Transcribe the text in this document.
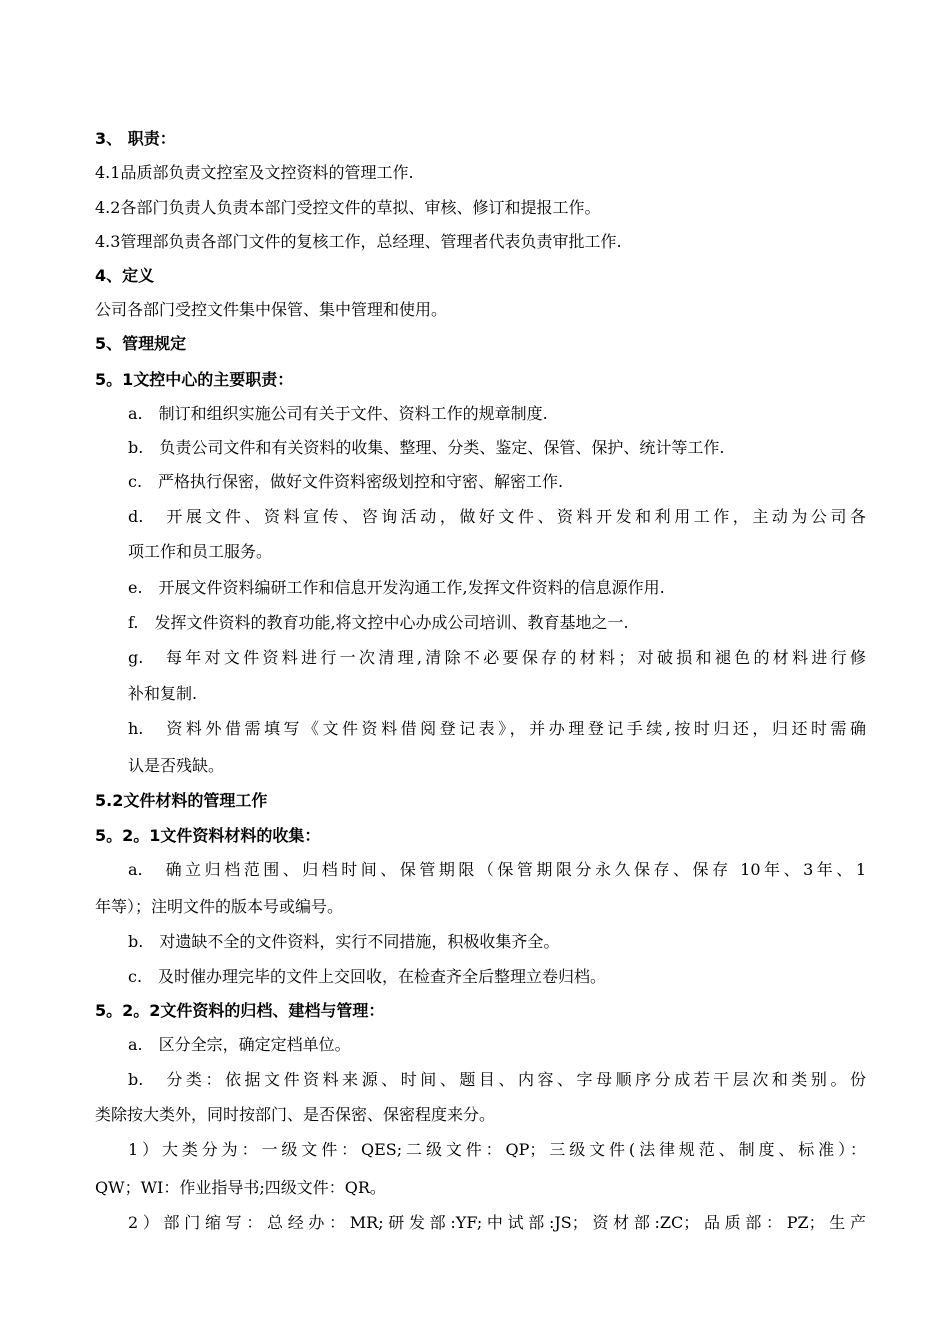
3、 职责：
4.1品质部负责文控室及文控资料的管理工作.
4.2各部门负责人负责本部门受控文件的草拟、审核、修订和提报工作。
4.3管理部负责各部门文件的复核工作，总经理、管理者代表负责审批工作.
4、定义
公司各部门受控文件集中保管、集中管理和使用。
5、管理规定
5。1文控中心的主要职责：
a.　制订和组织实施公司有关于文件、资料工作的规章制度.
b.　负责公司文件和有关资料的收集、整理、分类、鉴定、保管、保护、统计等工作.
c.　严格执行保密，做好文件资料密级划控和守密、解密工作.
d.　开展文件、资料宣传、咨询活动，做好文件、资料开发和利用工作，主动为公司各
项工作和员工服务。
e.　开展文件资料编研工作和信息开发沟通工作,发挥文件资料的信息源作用.
f.　发挥文件资料的教育功能,将文控中心办成公司培训、教育基地之一.
g.　每年对文件资料进行一次清理,清除不必要保存的材料；对破损和褪色的材料进行修
补和复制.
h.　资料外借需填写《文件资料借阅登记表》，并办理登记手续,按时归还，归还时需确
认是否残缺。
5.2文件材料的管理工作
5。2。1文件资料材料的收集：
a.　确立归档范围、归档时间、保管期限（保管期限分永久保存、保存 10年、3年、1
年等）；注明文件的版本号或编号。
b.　对遗缺不全的文件资料，实行不同措施，积极收集齐全。
c.　及时催办理完毕的文件上交回收，在检查齐全后整理立卷归档。
5。2。2文件资料的归档、建档与管理：
a.　区分全宗，确定定档单位。
b.　分类：依据文件资料来源、时间、题目、内容、字母顺序分成若干层次和类别。份
类除按大类外，同时按部门、是否保密、保密程度来分。
1）大类分为：一级文件：QES;二级文件：QP；三级文件(法律规范、制度、标准）：
QW；WI：作业指导书;四级文件：QR。
2）部门缩写：总经办：MR;研发部:YF;中试部:JS；资材部:ZC；品质部：PZ；生产
